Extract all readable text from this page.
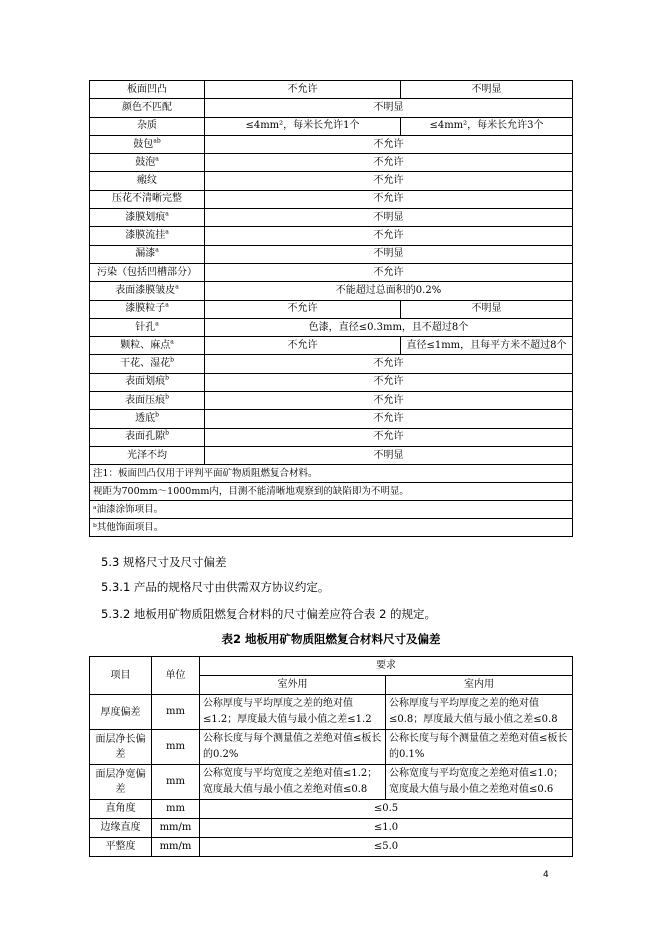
板面凹凸	不允许	不明显
颜色不匹配	不明显	
杂质	≤4mm²，每米长允许1个	≤4mm²，每米长允许3个
鼓包$^{ab}$	不允许	
鼓泡$^a$	不允许	
瘢纹	不允许	
压花不清晰完整	不允许	
漆膜划痕$^a$	不明显	
漆膜流挂$^a$	不允许	
漏漆$^a$	不明显	
污染（包括凹槽部分）	不允许	
表面漆膜皱皮$^a$	不能超过总面积的0.2%	
漆膜粒子$^a$	不允许	不明显
针孔$^a$	色漆，直径≤0.3mm，且不超过8个	
颗粒、麻点$^a$	不允许	直径≤1mm，且每平方米不超过8个
干花、湿花$^b$	不允许	
表面划痕$^b$	不允许	
表面压痕$^b$	不允许	
透底$^b$	不允许	
表面孔隙$^b$	不允许	
光泽不均	不明显	
注1：板面凹凸仅用于评判平面矿物质阻燃复合材料。		
视距为700mm～1000mm内，目测不能清晰地观察到的缺陷即为不明显。		
ᵃ油漆涂饰项目。		
ᵇ其他饰面项目。		
5.3 规格尺寸及尺寸偏差
5.3.1 产品的规格尺寸由供需双方协议约定。
5.3.2 地板用矿物质阻燃复合材料的尺寸偏差应符合表 2 的规定。
表2 地板用矿物质阻燃复合材料尺寸及偏差
项目	单位	要求	
		室外用	室内用
厚度偏差	mm	公称厚度与平均厚度之差的绝对值≤1.2；厚度最大值与最小值之差≤1.2	公称厚度与平均厚度之差的绝对值≤0.8；厚度最大值与最小值之差≤0.8
面层净长偏差	mm	公称长度与每个测量值之差绝对值≤板长的0.2%	公称长度与每个测量值之差绝对值≤板长的0.1%
面层净宽偏差	mm	公称宽度与平均宽度之差绝对值≤1.2；宽度最大值与最小值之差绝对值≤0.8	公称宽度与平均宽度之差绝对值≤1.0；宽度最大值与最小值之差绝对值≤0.6
直角度	mm	≤0.5	
边缘直度	mm/m	≤1.0	
平整度	mm/m	≤5.0	
4
